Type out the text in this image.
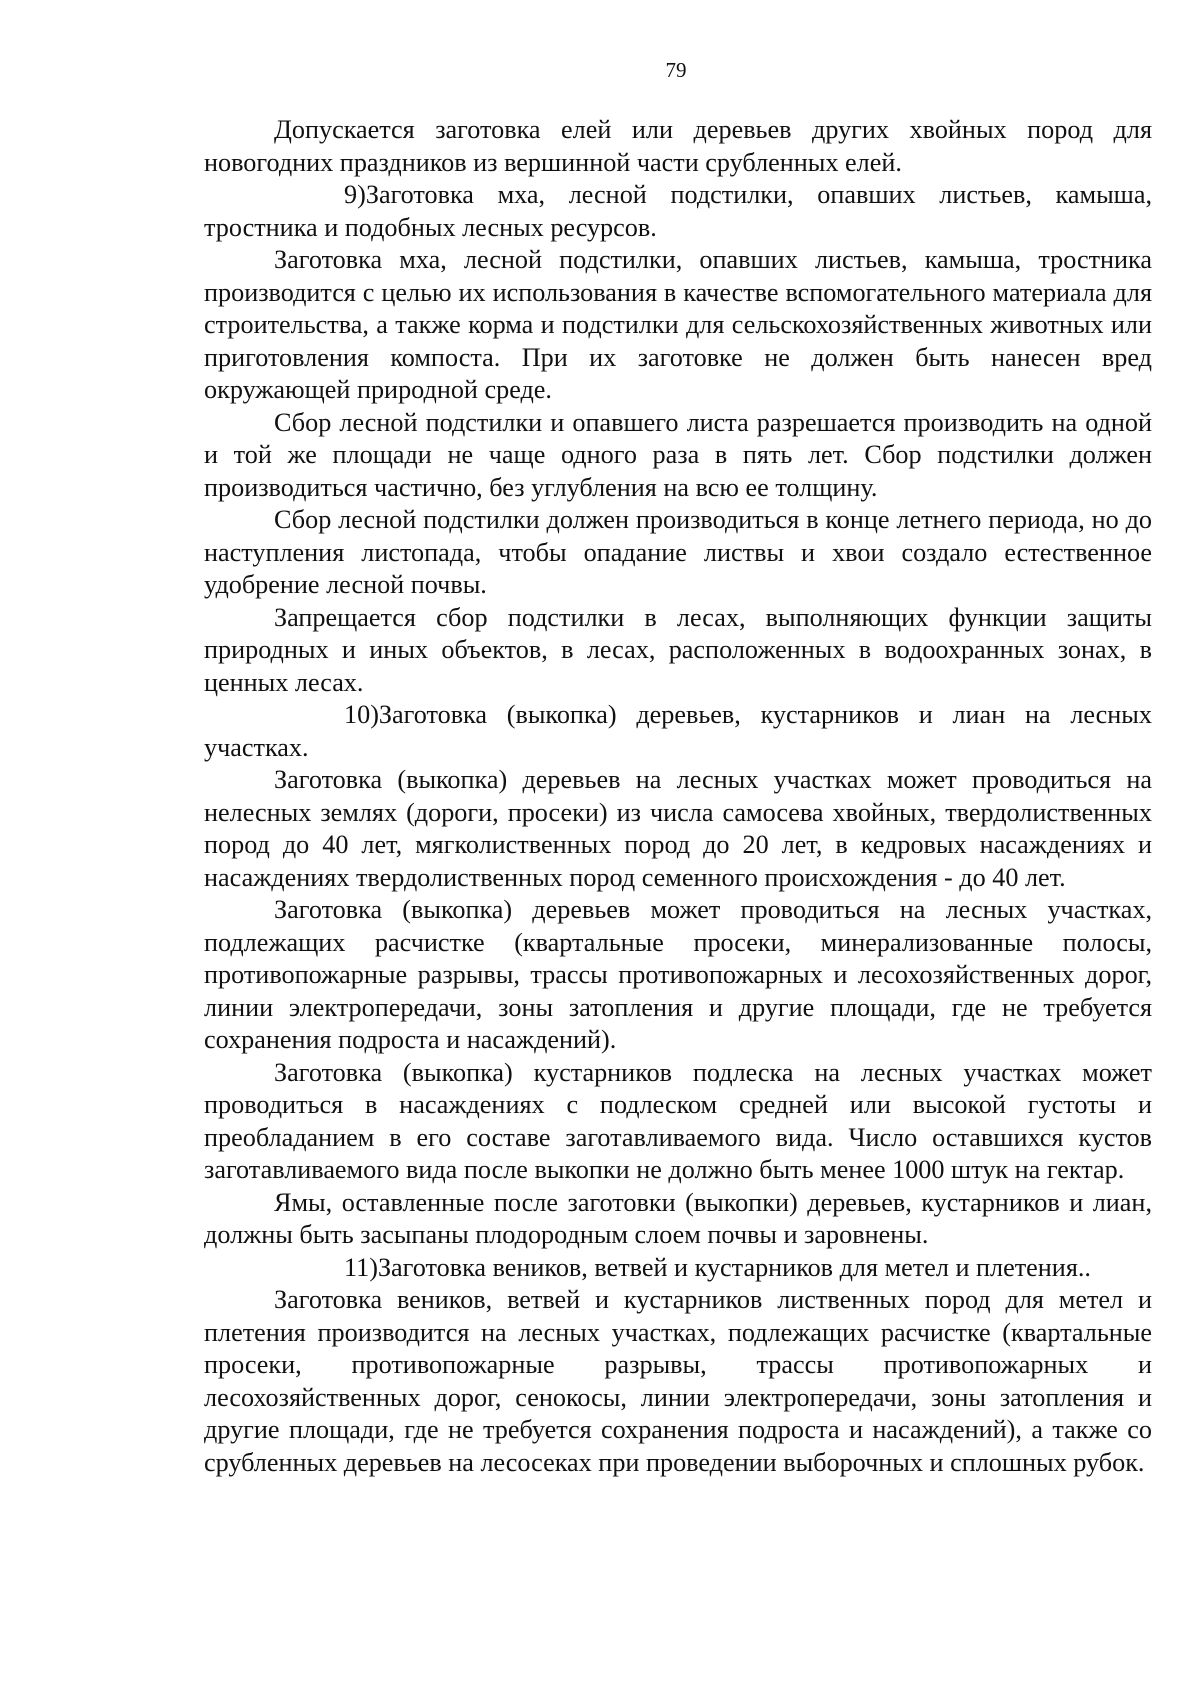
79

Допускается заготовка елей или деревьев других хвойных пород для новогодних праздников из вершинной части срубленных елей.

9)Заготовка мха, лесной подстилки, опавших листьев, камыша, тростника и подобных лесных ресурсов.

Заготовка мха, лесной подстилки, опавших листьев, камыша, тростника производится с целью их использования в качестве вспомогательного материала для строительства, а также корма и подстилки для сельскохозяйственных животных или приготовления компоста. При их заготовке не должен быть нанесен вред окружающей природной среде.

Сбор лесной подстилки и опавшего листа разрешается производить на одной и той же площади не чаще одного раза в пять лет. Сбор подстилки должен производиться частично, без углубления на всю ее толщину.

Сбор лесной подстилки должен производиться в конце летнего периода, но до наступления листопада, чтобы опадание листвы и хвои создало естественное удобрение лесной почвы.

Запрещается сбор подстилки в лесах, выполняющих функции защиты природных и иных объектов, в лесах, расположенных в водоохранных зонах, в ценных лесах.

10)Заготовка (выкопка) деревьев, кустарников и лиан на лесных участках.

Заготовка (выкопка) деревьев на лесных участках может проводиться на нелесных землях (дороги, просеки) из числа самосева хвойных, твердолиственных пород до 40 лет, мягколиственных пород до 20 лет, в кедровых насаждениях и насаждениях твердолиственных пород семенного происхождения - до 40 лет.

Заготовка (выкопка) деревьев может проводиться на лесных участках, подлежащих расчистке (квартальные просеки, минерализованные полосы, противопожарные разрывы, трассы противопожарных и лесохозяйственных дорог, линии электропередачи, зоны затопления и другие площади, где не требуется сохранения подроста и насаждений).

Заготовка (выкопка) кустарников подлеска на лесных участках может проводиться в насаждениях с подлеском средней или высокой густоты и преобладанием в его составе заготавливаемого вида. Число оставшихся кустов заготавливаемого вида после выкопки не должно быть менее 1000 штук на гектар.

Ямы, оставленные после заготовки (выкопки) деревьев, кустарников и лиан, должны быть засыпаны плодородным слоем почвы и заровнены.

11)Заготовка веников, ветвей и кустарников для метел и плетения..

Заготовка веников, ветвей и кустарников лиственных пород для метел и плетения производится на лесных участках, подлежащих расчистке (квартальные просеки, противопожарные разрывы, трассы противопожарных и лесохозяйственных дорог, сенокосы, линии электропередачи, зоны затопления и другие площади, где не требуется сохранения подроста и насаждений), а также со срубленных деревьев на лесосеках при проведении выборочных и сплошных рубок.
